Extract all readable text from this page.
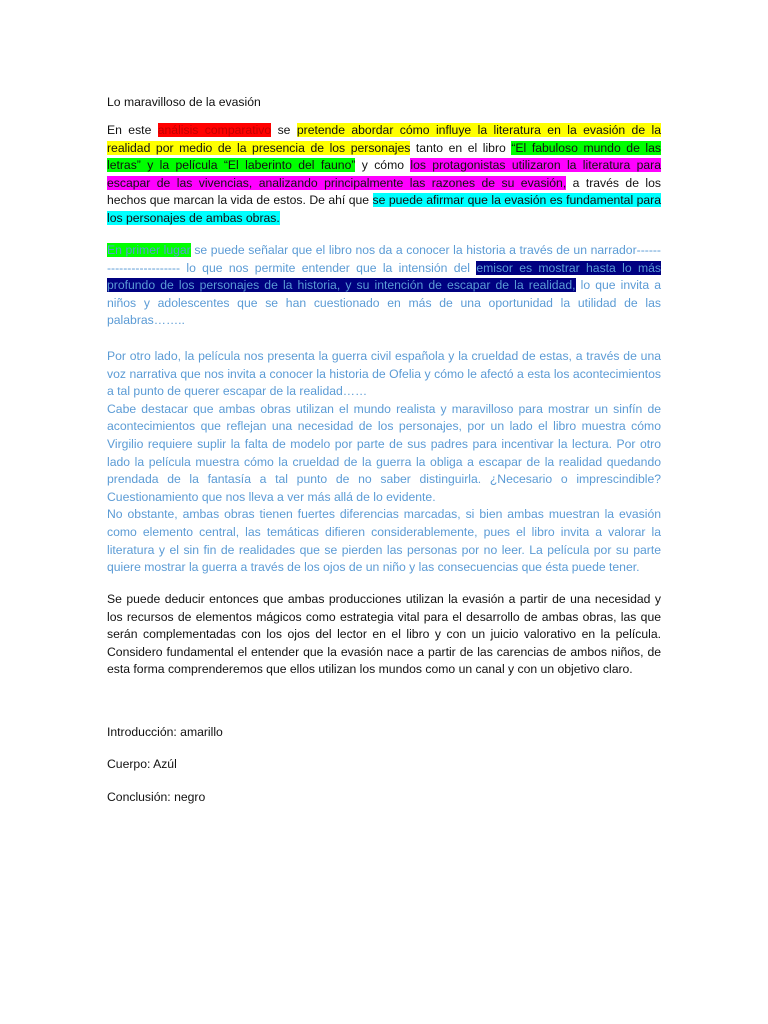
Lo maravilloso de la evasión

En este análisis comparativo se pretende abordar cómo influye la literatura en la evasión de la realidad por medio de la presencia de los personajes tanto en el libro “El fabuloso mundo de las letras” y la película “El laberinto del fauno” y cómo los protagonistas utilizaron la literatura para escapar de las vivencias, analizando principalmente las razones de su evasión, a través de los hechos que marcan la vida de estos. De ahí que se puede afirmar que la evasión es fundamental para los personajes de ambas obras.

En primer lugar se puede señalar que el libro nos da a conocer la historia a través de un narrador------------------------ lo que nos permite entender que la intensión del emisor es mostrar hasta lo más profundo de los personajes de la historia, y su intención de escapar de la realidad, lo que invita a niños y adolescentes que se han cuestionado en más de una oportunidad la utilidad de las palabras……..

Por otro lado, la película nos presenta la guerra civil española y la crueldad de estas, a través de una voz narrativa que nos invita a conocer la historia de Ofelia y cómo le afectó a esta los acontecimientos a tal punto de querer escapar de la realidad……

Cabe destacar que ambas obras utilizan el mundo realista y maravilloso para mostrar un sinfín de acontecimientos que reflejan una necesidad de los personajes, por un lado el libro muestra cómo Virgilio requiere suplir la falta de modelo por parte de sus padres para incentivar la lectura. Por otro lado la película muestra cómo la crueldad de la guerra la obliga a escapar de la realidad quedando prendada de la fantasía a tal punto de no saber distinguirla. ¿Necesario o imprescindible? Cuestionamiento que nos lleva a ver más allá de lo evidente.

No obstante, ambas obras tienen fuertes diferencias marcadas, si bien ambas muestran la evasión como elemento central, las temáticas difieren considerablemente, pues el libro invita a valorar la literatura y el sin fin de realidades que se pierden las personas por no leer. La película por su parte quiere mostrar la guerra a través de los ojos de un niño y las consecuencias que ésta puede tener.

Se puede deducir entonces que ambas producciones utilizan la evasión a partir de una necesidad y los recursos de elementos mágicos como estrategia vital para el desarrollo de ambas obras, las que serán complementadas con los ojos del lector en el libro y con un juicio valorativo en la película. Considero fundamental el entender que la evasión nace a partir de las carencias de ambos niños, de esta forma comprenderemos que ellos utilizan los mundos como un canal y con un objetivo claro.

Introducción: amarillo
Cuerpo: Azúl
Conclusión: negro
